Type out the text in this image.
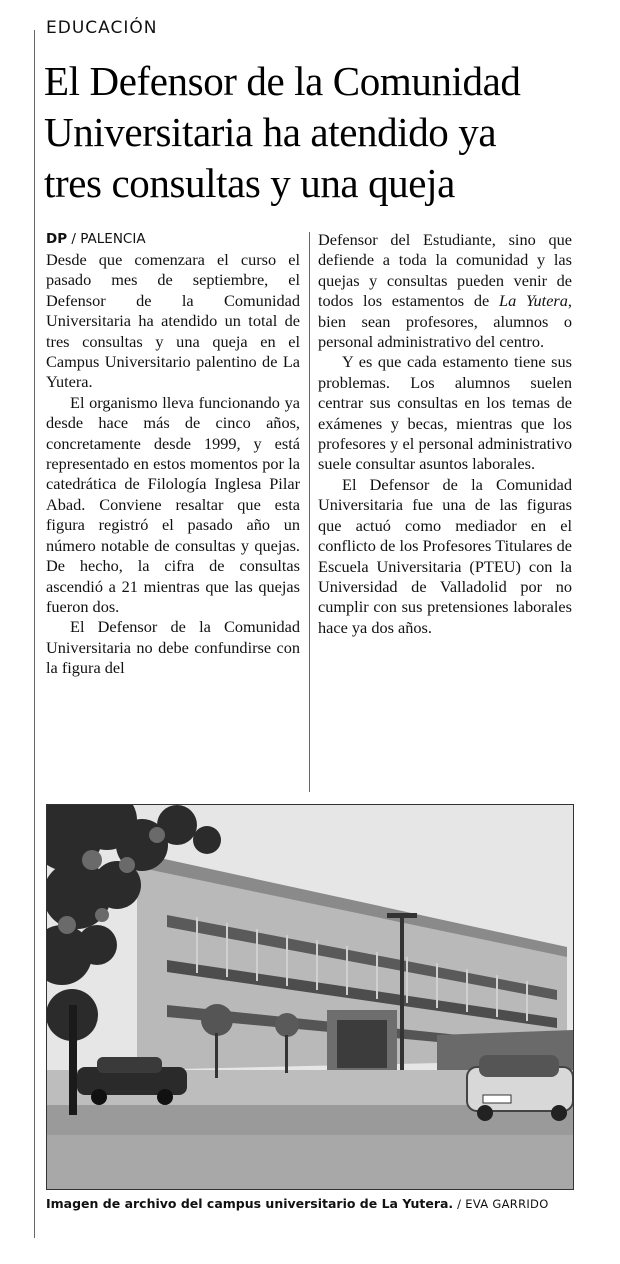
EDUCACIÓN
El Defensor de la Comunidad
Universitaria ha atendido ya
tres consultas y una queja
DP / PALENCIA

Desde que comenzara el curso el pasado mes de septiembre, el Defensor de la Comunidad Universitaria ha atendido un total de tres consultas y una queja en el Campus Universitario palentino de La Yutera.

El organismo lleva funcionando ya desde hace más de cinco años, concretamente desde 1999, y está representado en estos momentos por la catedrática de Filología Inglesa Pilar Abad. Conviene resaltar que esta figura registró el pasado año un número notable de consultas y quejas. De hecho, la cifra de consultas ascendió a 21 mientras que las quejas fueron dos.

El Defensor de la Comunidad Universitaria no debe confundirse con la figura del

Defensor del Estudiante, sino que defiende a toda la comunidad y las quejas y consultas pueden venir de todos los estamentos de La Yutera, bien sean profesores, alumnos o personal administrativo del centro.

Y es que cada estamento tiene sus problemas. Los alumnos suelen centrar sus consultas en los temas de exámenes y becas, mientras que los profesores y el personal administrativo suele consultar asuntos laborales.

El Defensor de la Comunidad Universitaria fue una de las figuras que actuó como mediador en el conflicto de los Profesores Titulares de Escuela Universitaria (PTEU) con la Universidad de Valladolid por no cumplir con sus pretensiones laborales hace ya dos años.

Imagen de archivo del campus universitario de La Yutera. / EVA GARRIDO
